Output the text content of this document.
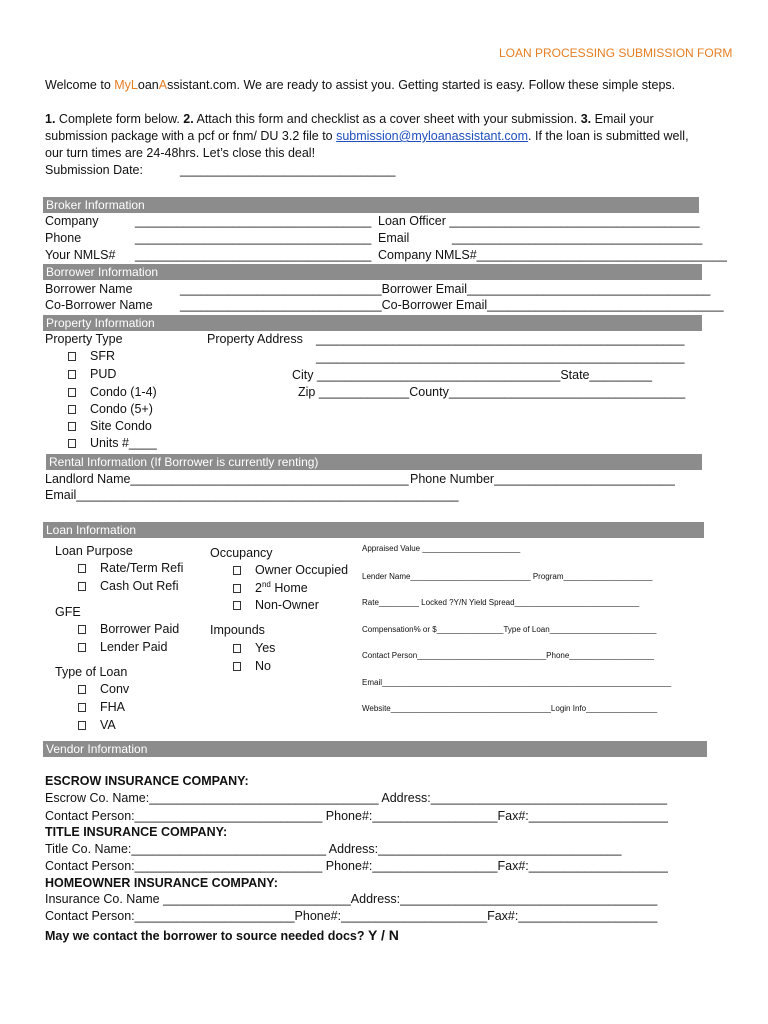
LOAN PROCESSING SUBMISSION FORM
Welcome to MyLoanAssistant.com. We are ready to assist you. Getting started is easy. Follow these simple steps.
1. Complete form below. 2. Attach this form and checklist as a cover sheet with your submission. 3. Email your
submission package with a pcf or fnm/ DU 3.2 file to submission@myloanassistant.com. If the loan is submitted well,
our turn times are 24-48hrs. Let’s close this deal!
Submission Date:	_______________________________
Broker Information
Company	__________________________________ Loan Officer ____________________________________
Phone	__________________________________ Email	____________________________________
Your NMLS# __________________________________ Company NMLS#____________________________________
Borrower Information
Borrower Name	_____________________________Borrower Email___________________________________
Co-Borrower Name _____________________________Co-Borrower Email__________________________________
Property Information
Property Type	Property Address _____________________________________________________
_____________________________________________________
SFR
PUD
Condo (1-4)
Condo (5+)
Site Condo
Units #____
City ___________________________________State_________
Zip _____________County__________________________________
Rental Information (If Borrower is currently renting)
Landlord Name________________________________________ Phone Number__________________________
Email_______________________________________________________
Loan Information
Loan Purpose
Rate/Term Refi
Cash Out Refi
GFE
Borrower Paid
Lender Paid
Type of Loan
Conv
FHA
VA
Occupancy
Owner Occupied
2nd Home
Non-Owner
Impounds
Yes
No
Appraised Value ______________________
Lender Name___________________________ Program____________________
Rate_________ Locked ?Y/N Yield Spread____________________________
Compensation% or $_______________Type of Loan________________________
Contact Person_____________________________Phone___________________
Email_________________________________________________________________
Website____________________________________Login Info________________
Vendor Information
ESCROW INSURANCE COMPANY:
Escrow Co. Name:_________________________________ Address:__________________________________
Contact Person:___________________________ Phone#:__________________Fax#:____________________
TITLE INSURANCE COMPANY:
Title Co. Name:____________________________ Address:___________________________________
Contact Person:___________________________ Phone#:__________________Fax#:____________________
HOMEOWNER INSURANCE COMPANY:
Insurance Co. Name ___________________________Address:_____________________________________
Contact Person:_______________________Phone#:_____________________Fax#:____________________
May we contact the borrower to source needed docs? Y / N
